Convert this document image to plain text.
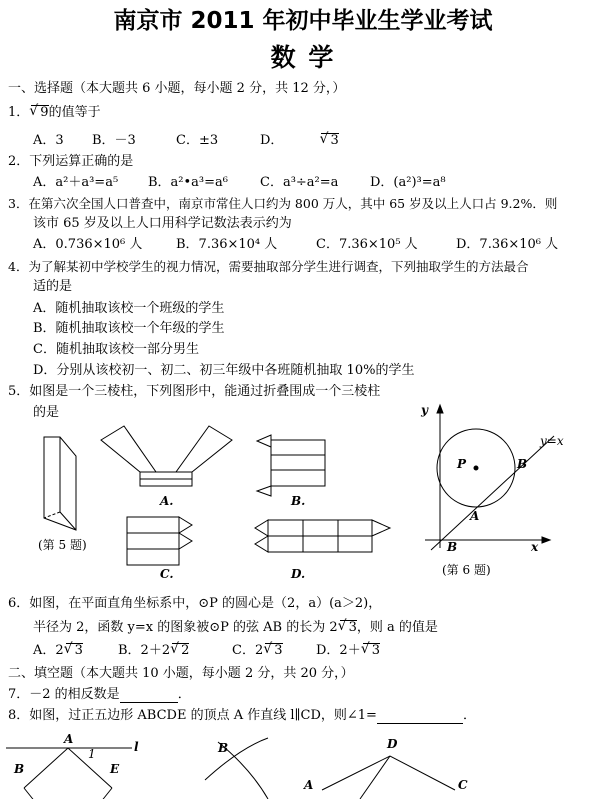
南京市 2011 年初中毕业生学业考试
数 学
一、选择题（本大题共 6 小题，每小题 2 分，共 12 分，）
1． √ 9的值等于
A．3 B．－3	C．±3	D．	√ 3
2．下列运算正确的是
A．a²＋a³=a⁵ B．a²•a³=a⁶ C．a³÷a²=a D．(a²)³=a⁸
3．在第六次全国人口普查中，南京市常住人口约为 800 万人，其中 65 岁及以上人口占 9.2%．则
该市 65 岁及以上人口用科学记数法表示约为
A．0.736×10⁶ 人	B．7.36×10⁴ 人	C．7.36×10⁵ 人	D．7.36×10⁶ 人
4．为了解某初中学校学生的视力情况，需要抽取部分学生进行调查，下列抽取学生的方法最合
适的是
A．随机抽取该校一个班级的学生
B．随机抽取该校一个年级的学生
C．随机抽取该校一部分男生
D．分别从该校初一、初二、初三年级中各班随机抽取 10%的学生
5．如图是一个三棱柱，下列图形中，能通过折叠围成一个三棱柱
的是
A.	B.
C.	D.
(第 5 题)
y
y=x
P	B
A
B	x
(第 6 题)
6．如图，在平面直角坐标系中，⊙P 的圆心是（2，a）(a＞2)，
半径为 2，函数 y=x 的图象被⊙P 的弦 AB 的长为 2 √ 3，则 a 的值是
A．2 √ 3	B．2＋2 √ 2	C．2 √ 3	D．2＋ √ 3
二、填空题（本大题共 10 小题，每小题 2 分，共 20 分，）
7．－2 的相反数是	．
8．如图，过正五边形 ABCDE 的顶点 A 作直线 l∥CD，则∠1=	．
A
1	l
B	E
B	D
A	C
